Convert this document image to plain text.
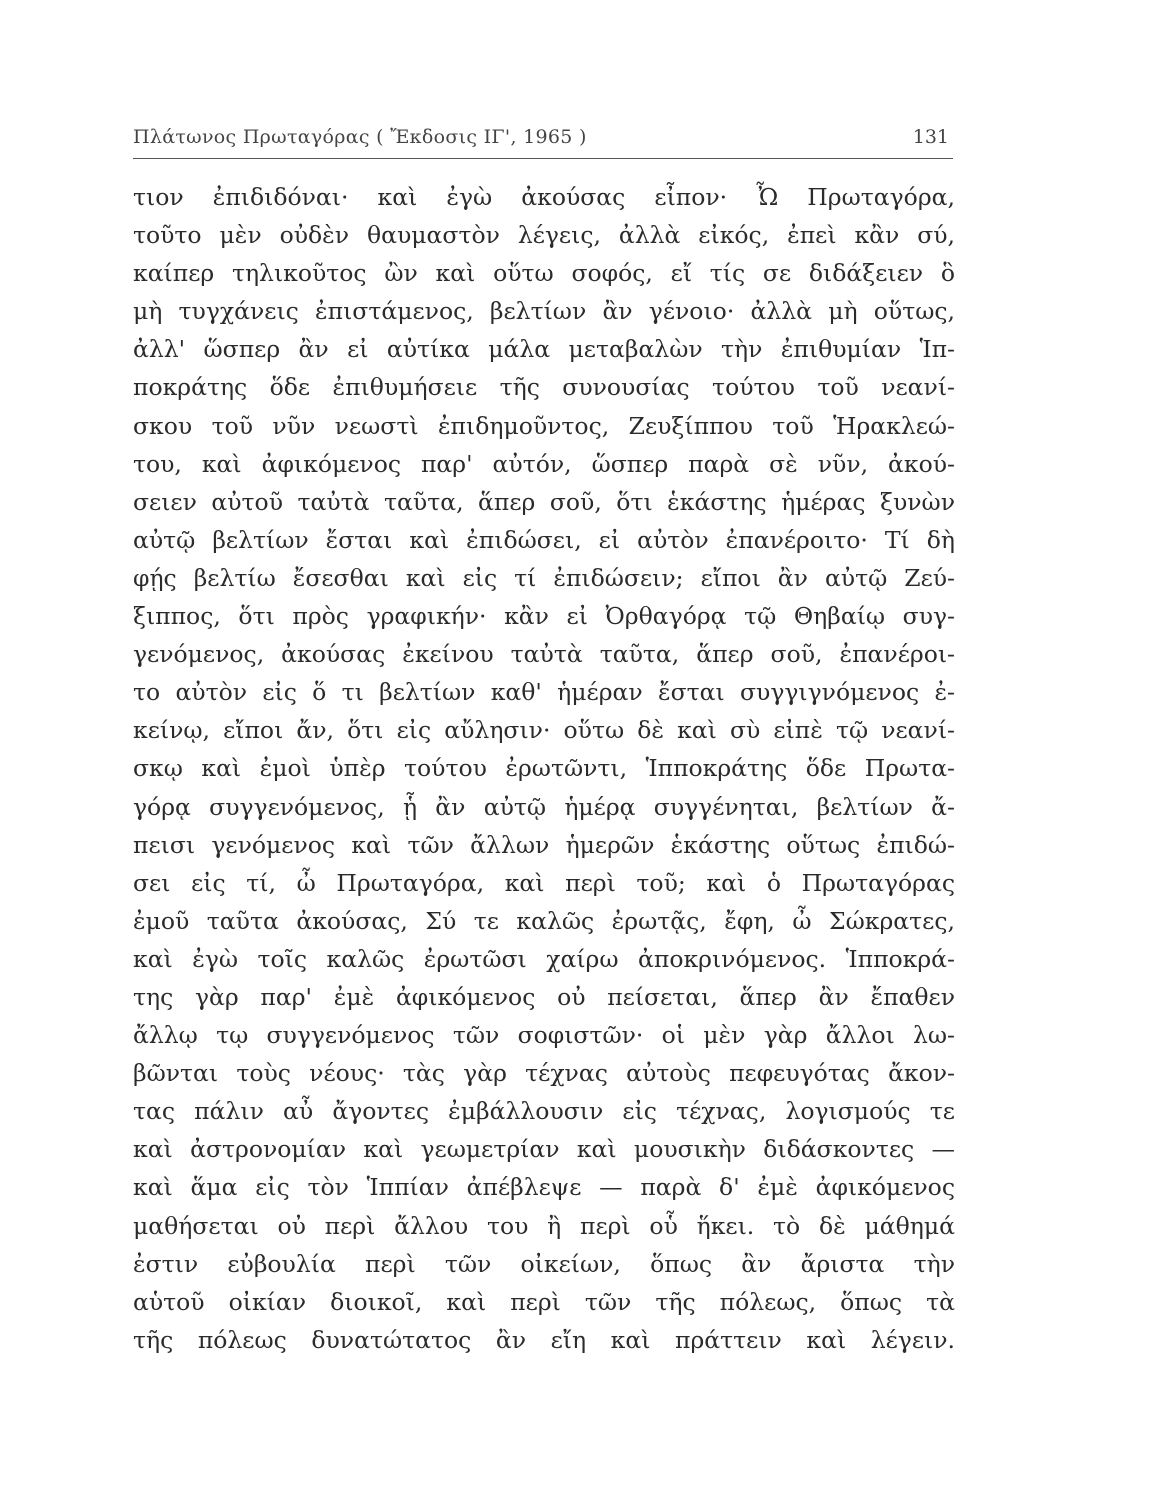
Πλάτωνος Πρωταγόρας ( Ἔκδοσις ΙΓ', 1965 )	131
τιον ἐπιδιδόναι· καὶ ἐγὼ ἀκούσας εἶπον· Ὦ Πρωταγόρα,
τοῦτο μὲν οὐδὲν θαυμαστὸν λέγεις, ἀλλὰ εἰκός, ἐπεὶ κἂν σύ,
καίπερ τηλικοῦτος ὢν καὶ οὕτω σοφός, εἴ τίς σε διδάξειεν ὃ
μὴ τυγχάνεις ἐπιστάμενος, βελτίων ἂν γένοιο· ἀλλὰ μὴ οὕτως,
ἀλλ' ὥσπερ ἂν εἰ αὐτίκα μάλα μεταβαλὼν τὴν ἐπιθυμίαν Ἱπ-
ποκράτης ὅδε ἐπιθυμήσειε τῆς συνουσίας τούτου τοῦ νεανί-
σκου τοῦ νῦν νεωστὶ ἐπιδημοῦντος, Ζευξίππου τοῦ Ἡρακλεώ-
του, καὶ ἀφικόμενος παρ' αὐτόν, ὥσπερ παρὰ σὲ νῦν, ἀκού-
σειεν αὐτοῦ ταὐτὰ ταῦτα, ἅπερ σοῦ, ὅτι ἑκάστης ἡμέρας ξυνὼν
αὐτῷ βελτίων ἔσται καὶ ἐπιδώσει, εἰ αὐτὸν ἐπανέροιτο· Τί δὴ
φῄς βελτίω ἔσεσθαι καὶ εἰς τί ἐπιδώσειν; εἴποι ἂν αὐτῷ Ζεύ-
ξιππος, ὅτι πρὸς γραφικήν· κἂν εἰ Ὀρθαγόρᾳ τῷ Θηβαίῳ συγ-
γενόμενος, ἀκούσας ἐκείνου ταὐτὰ ταῦτα, ἅπερ σοῦ, ἐπανέροι-
το αὐτὸν εἰς ὅ τι βελτίων καθ' ἡμέραν ἔσται συγγιγνόμενος ἐ-
κείνῳ, εἴποι ἄν, ὅτι εἰς αὔλησιν· οὕτω δὲ καὶ σὺ εἰπὲ τῷ νεανί-
σκῳ καὶ ἐμοὶ ὑπὲρ τούτου ἐρωτῶντι, Ἱπποκράτης ὅδε Πρωτα-
γόρᾳ συγγενόμενος, ᾗ ἂν αὐτῷ ἡμέρᾳ συγγένηται, βελτίων ἄ-
πεισι γενόμενος καὶ τῶν ἄλλων ἡμερῶν ἑκάστης οὕτως ἐπιδώ-
σει εἰς τί, ὦ Πρωταγόρα, καὶ περὶ τοῦ; καὶ ὁ Πρωταγόρας
ἐμοῦ ταῦτα ἀκούσας, Σύ τε καλῶς ἐρωτᾷς, ἔφη, ὦ Σώκρατες,
καὶ ἐγὼ τοῖς καλῶς ἐρωτῶσι χαίρω ἀποκρινόμενος. Ἱπποκρά-
της γὰρ παρ' ἐμὲ ἀφικόμενος οὐ πείσεται, ἅπερ ἂν ἔπαθεν
ἄλλῳ τῳ συγγενόμενος τῶν σοφιστῶν· οἱ μὲν γὰρ ἄλλοι λω-
βῶνται τοὺς νέους· τὰς γὰρ τέχνας αὐτοὺς πεφευγότας ἄκον-
τας πάλιν αὖ ἄγοντες ἐμβάλλουσιν εἰς τέχνας, λογισμούς τε
καὶ ἀστρονομίαν καὶ γεωμετρίαν καὶ μουσικὴν διδάσκοντες —
καὶ ἅμα εἰς τὸν Ἱππίαν ἀπέβλεψε — παρὰ δ' ἐμὲ ἀφικόμενος
μαθήσεται οὐ περὶ ἄλλου του ἢ περὶ οὗ ἥκει. τὸ δὲ μάθημά
ἐστιν εὐβουλία περὶ τῶν οἰκείων, ὅπως ἂν ἄριστα τὴν
αὑτοῦ οἰκίαν διοικοῖ, καὶ περὶ τῶν τῆς πόλεως, ὅπως τὰ
τῆς πόλεως δυνατώτατος ἂν εἴη καὶ πράττειν καὶ λέγειν.
